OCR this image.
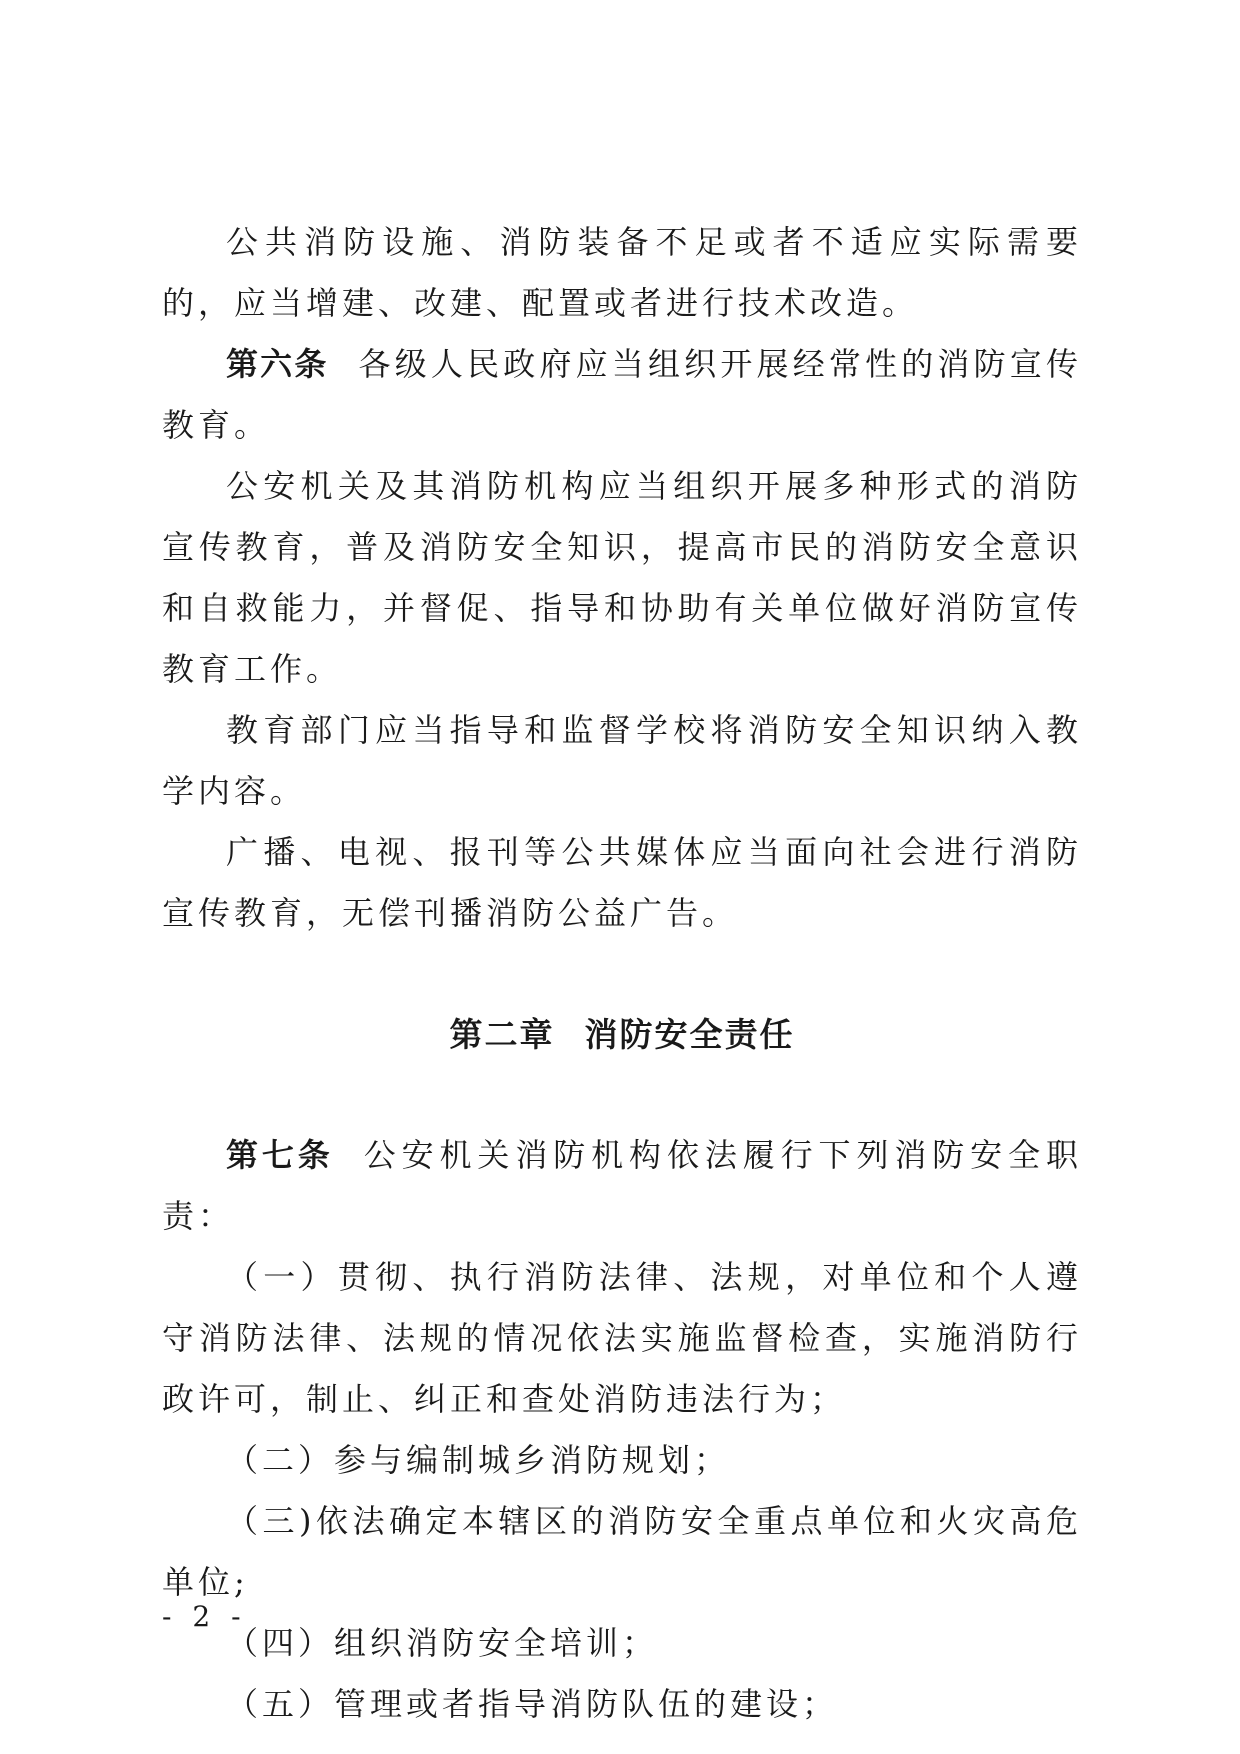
公共消防设施、消防装备不足或者不适应实际需要的，应当增建、改建、配置或者进行技术改造。

第六条 各级人民政府应当组织开展经常性的消防宣传教育。

公安机关及其消防机构应当组织开展多种形式的消防宣传教育，普及消防安全知识，提高市民的消防安全意识和自救能力，并督促、指导和协助有关单位做好消防宣传教育工作。

教育部门应当指导和监督学校将消防安全知识纳入教学内容。

广播、电视、报刊等公共媒体应当面向社会进行消防宣传教育，无偿刊播消防公益广告。

第二章 消防安全责任

第七条 公安机关消防机构依法履行下列消防安全职责：

（一）贯彻、执行消防法律、法规，对单位和个人遵守消防法律、法规的情况依法实施监督检查，实施消防行政许可，制止、纠正和查处消防违法行为；

（二）参与编制城乡消防规划；

（三)依法确定本辖区的消防安全重点单位和火灾高危单位;

（四）组织消防安全培训；

（五）管理或者指导消防队伍的建设；

- 2 -
